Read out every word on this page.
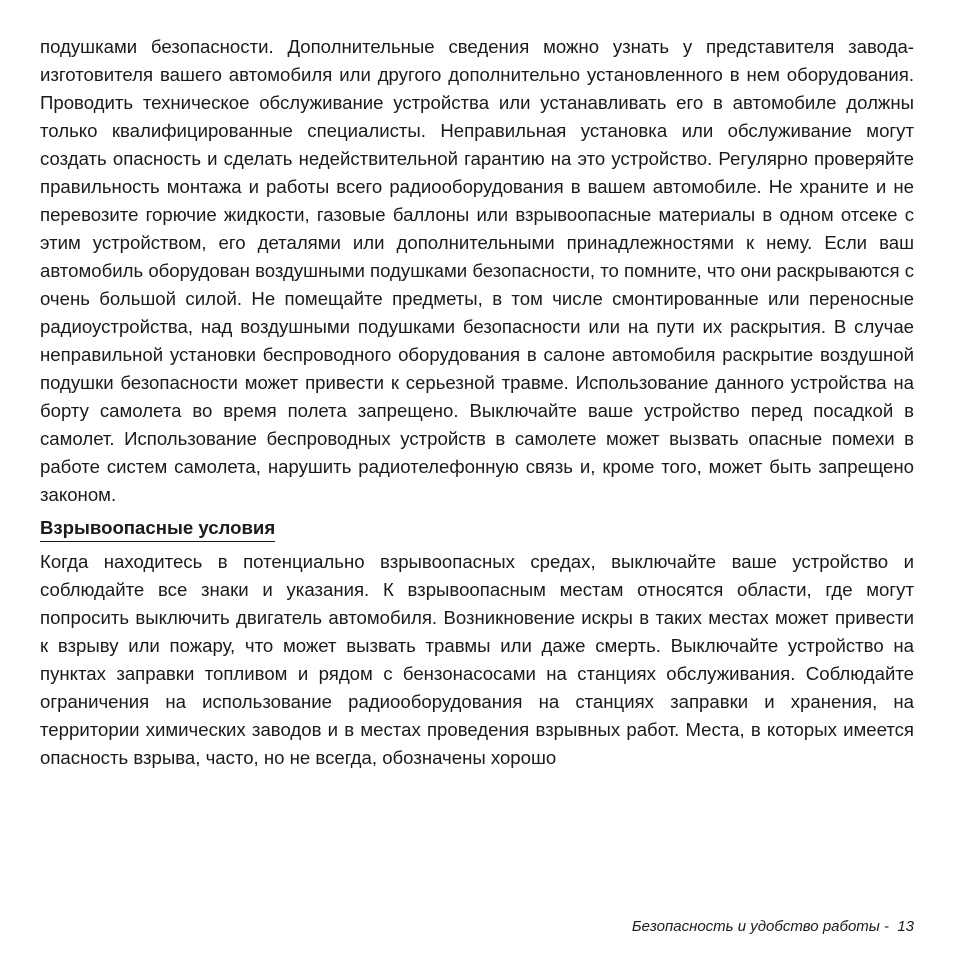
подушками безопасности. Дополнительные сведения можно узнать у представителя завода-изготовителя вашего автомобиля или другого дополнительно установленного в нем оборудования. Проводить техническое обслуживание устройства или устанавливать его в автомобиле должны только квалифицированные специалисты. Неправильная установка или обслуживание могут создать опасность и сделать недействительной гарантию на это устройство. Регулярно проверяйте правильность монтажа и работы всего радиооборудования в вашем автомобиле. Не храните и не перевозите горючие жидкости, газовые баллоны или взрывоопасные материалы в одном отсеке с этим устройством, его деталями или дополнительными принадлежностями к нему. Если ваш автомобиль оборудован воздушными подушками безопасности, то помните, что они раскрываются с очень большой силой. Не помещайте предметы, в том числе смонтированные или переносные радиоустройства, над воздушными подушками безопасности или на пути их раскрытия. В случае неправильной установки беспроводного оборудования в салоне автомобиля раскрытие воздушной подушки безопасности может привести к серьезной травме. Использование данного устройства на борту самолета во время полета запрещено. Выключайте ваше устройство перед посадкой в самолет. Использование беспроводных устройств в самолете может вызвать опасные помехи в работе систем самолета, нарушить радиотелефонную связь и, кроме того, может быть запрещено законом.

Взрывоопасные условия

Когда находитесь в потенциально взрывоопасных средах, выключайте ваше устройство и соблюдайте все знаки и указания. К взрывоопасным местам относятся области, где могут попросить выключить двигатель автомобиля. Возникновение искры в таких местах может привести к взрыву или пожару, что может вызвать травмы или даже смерть. Выключайте устройство на пунктах заправки топливом и рядом с бензонасосами на станциях обслуживания. Соблюдайте ограничения на использование радиооборудования на станциях заправки и хранения, на территории химических заводов и в местах проведения взрывных работ. Места, в которых имеется опасность взрыва, часто, но не всегда, обозначены хорошо

Безопасность и удобство работы -  13
